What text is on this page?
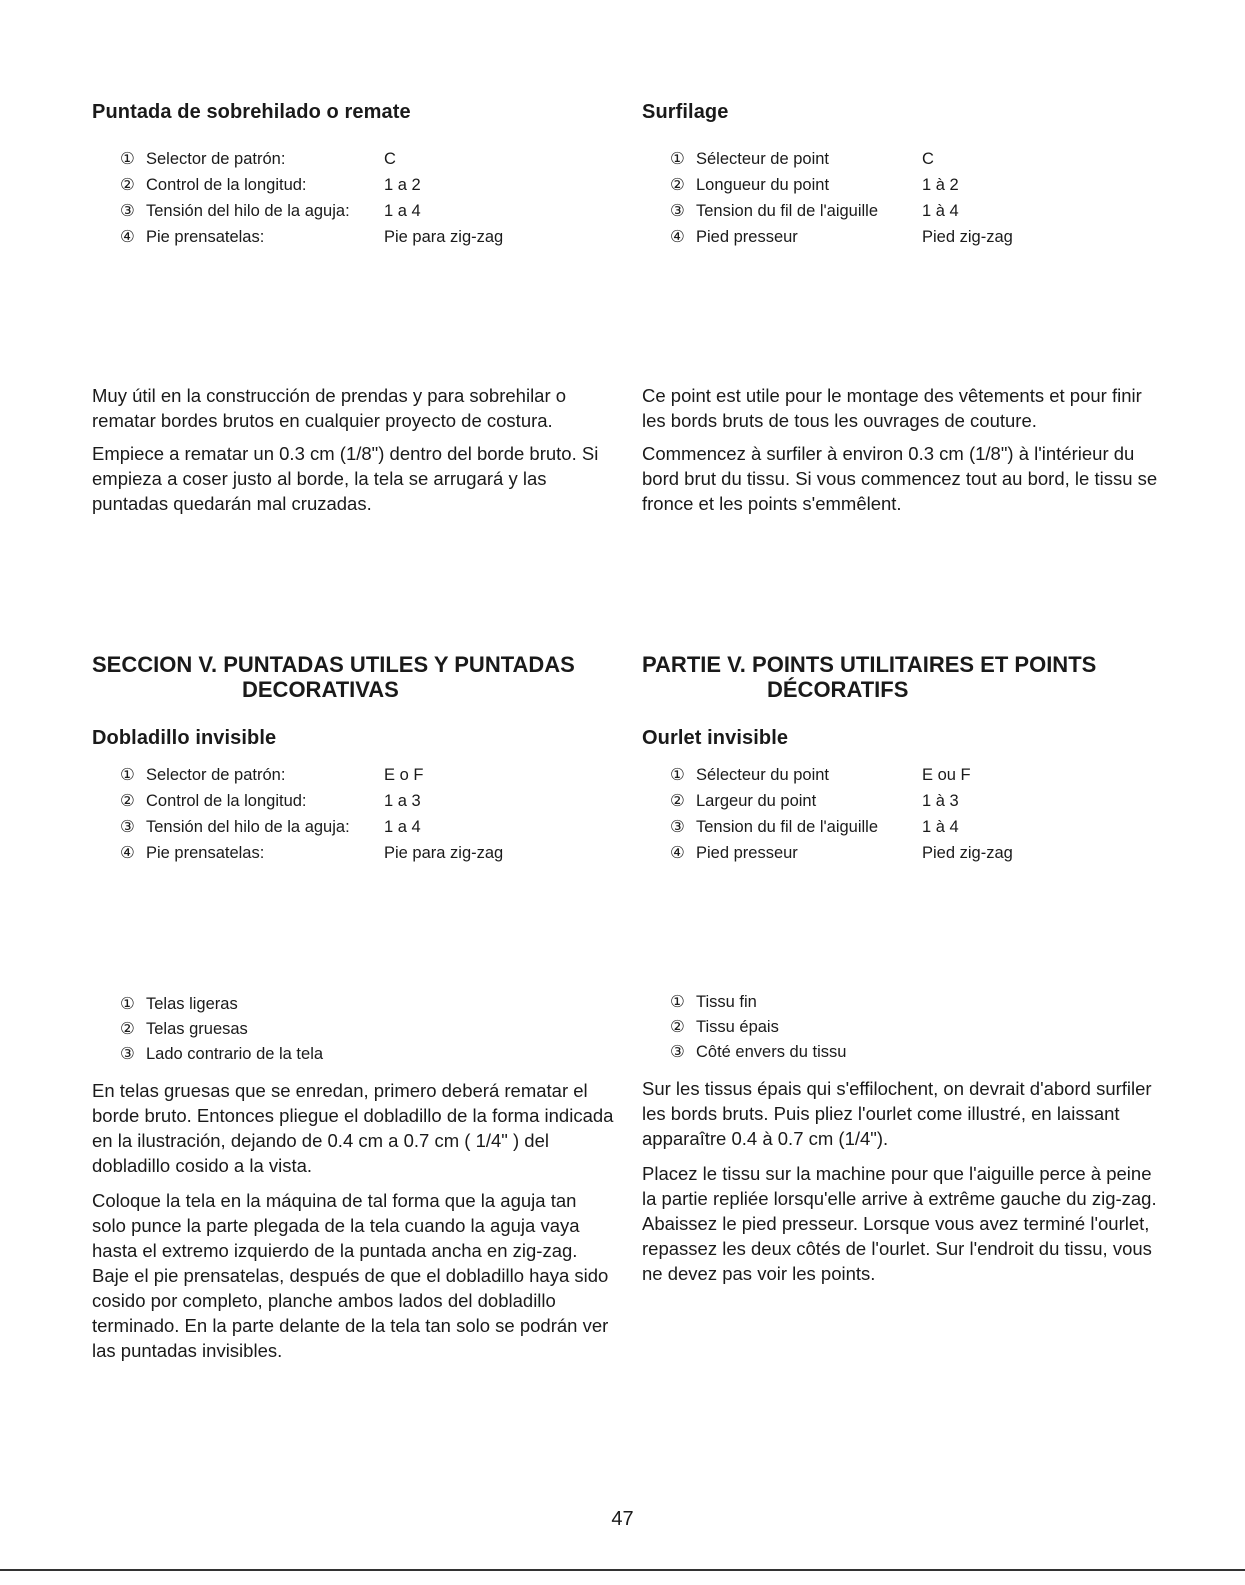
Puntada de sobrehilado o remate
① Selector de patrón:	C
② Control de la longitud:	1 a 2
③ Tensión del hilo de la aguja: 1 a 4
④ Pie prensatelas:	Pie para zig-zag

Muy útil en la construcción de prendas y para sobrehilar o rematar bordes brutos en cualquier proyecto de costura.

Empiece a rematar un 0.3 cm (1/8") dentro del borde bruto. Si empieza a coser justo al borde, la tela se arrugará y las puntadas quedarán mal cruzadas.

SECCION V. PUNTADAS UTILES Y PUNTADAS
DECORATIVAS
Dobladillo invisible
① Selector de patrón:	E o F
② Control de la longitud:	1 a 3
③ Tensión del hilo de la aguja: 1 a 4
④ Pie prensatelas:	Pie para zig-zag
① Telas ligeras
② Telas gruesas
③ Lado contrario de la tela

En telas gruesas que se enredan, primero deberá rematar el borde bruto. Entonces pliegue el dobladillo de la forma indicada en la ilustración, dejando de 0.4 cm a 0.7 cm ( 1/4" ) del dobladillo cosido a la vista.

Coloque la tela en la máquina de tal forma que la aguja tan solo punce la parte plegada de la tela cuando la aguja vaya hasta el extremo izquierdo de la puntada ancha en zig-zag. Baje el pie prensatelas, después de que el dobladillo haya sido cosido por completo, planche ambos lados del dobladillo terminado. En la parte delante de la tela tan solo se podrán ver las puntadas invisibles.

Surfilage
① Sélecteur de point	C
② Longueur du point	1 à 2
③ Tension du fil de l'aiguille	1 à 4
④ Pied presseur	Pied zig-zag

Ce point est utile pour le montage des vêtements et pour finir les bords bruts de tous les ouvrages de couture.

Commencez à surfiler à environ 0.3 cm (1/8") à l'intérieur du bord brut du tissu. Si vous commencez tout au bord, le tissu se fronce et les points s'emmêlent.

PARTIE V. POINTS UTILITAIRES ET POINTS
DÉCORATIFS
Ourlet invisible
① Sélecteur du point	E ou F
② Largeur du point	1 à 3
③ Tension du fil de l'aiguille	1 à 4
④ Pied presseur	Pied zig-zag
① Tissu fin
② Tissu épais
③ Côté envers du tissu

Sur les tissus épais qui s'effilochent, on devrait d'abord surfiler les bords bruts. Puis pliez l'ourlet come illustré, en laissant apparaître 0.4 à 0.7 cm (1/4").

Placez le tissu sur la machine pour que l'aiguille perce à peine la partie repliée lorsqu'elle arrive à extrême gauche du zig-zag. Abaissez le pied presseur. Lorsque vous avez terminé l'ourlet, repassez les deux côtés de l'ourlet. Sur l'endroit du tissu, vous ne devez pas voir les points.

47
